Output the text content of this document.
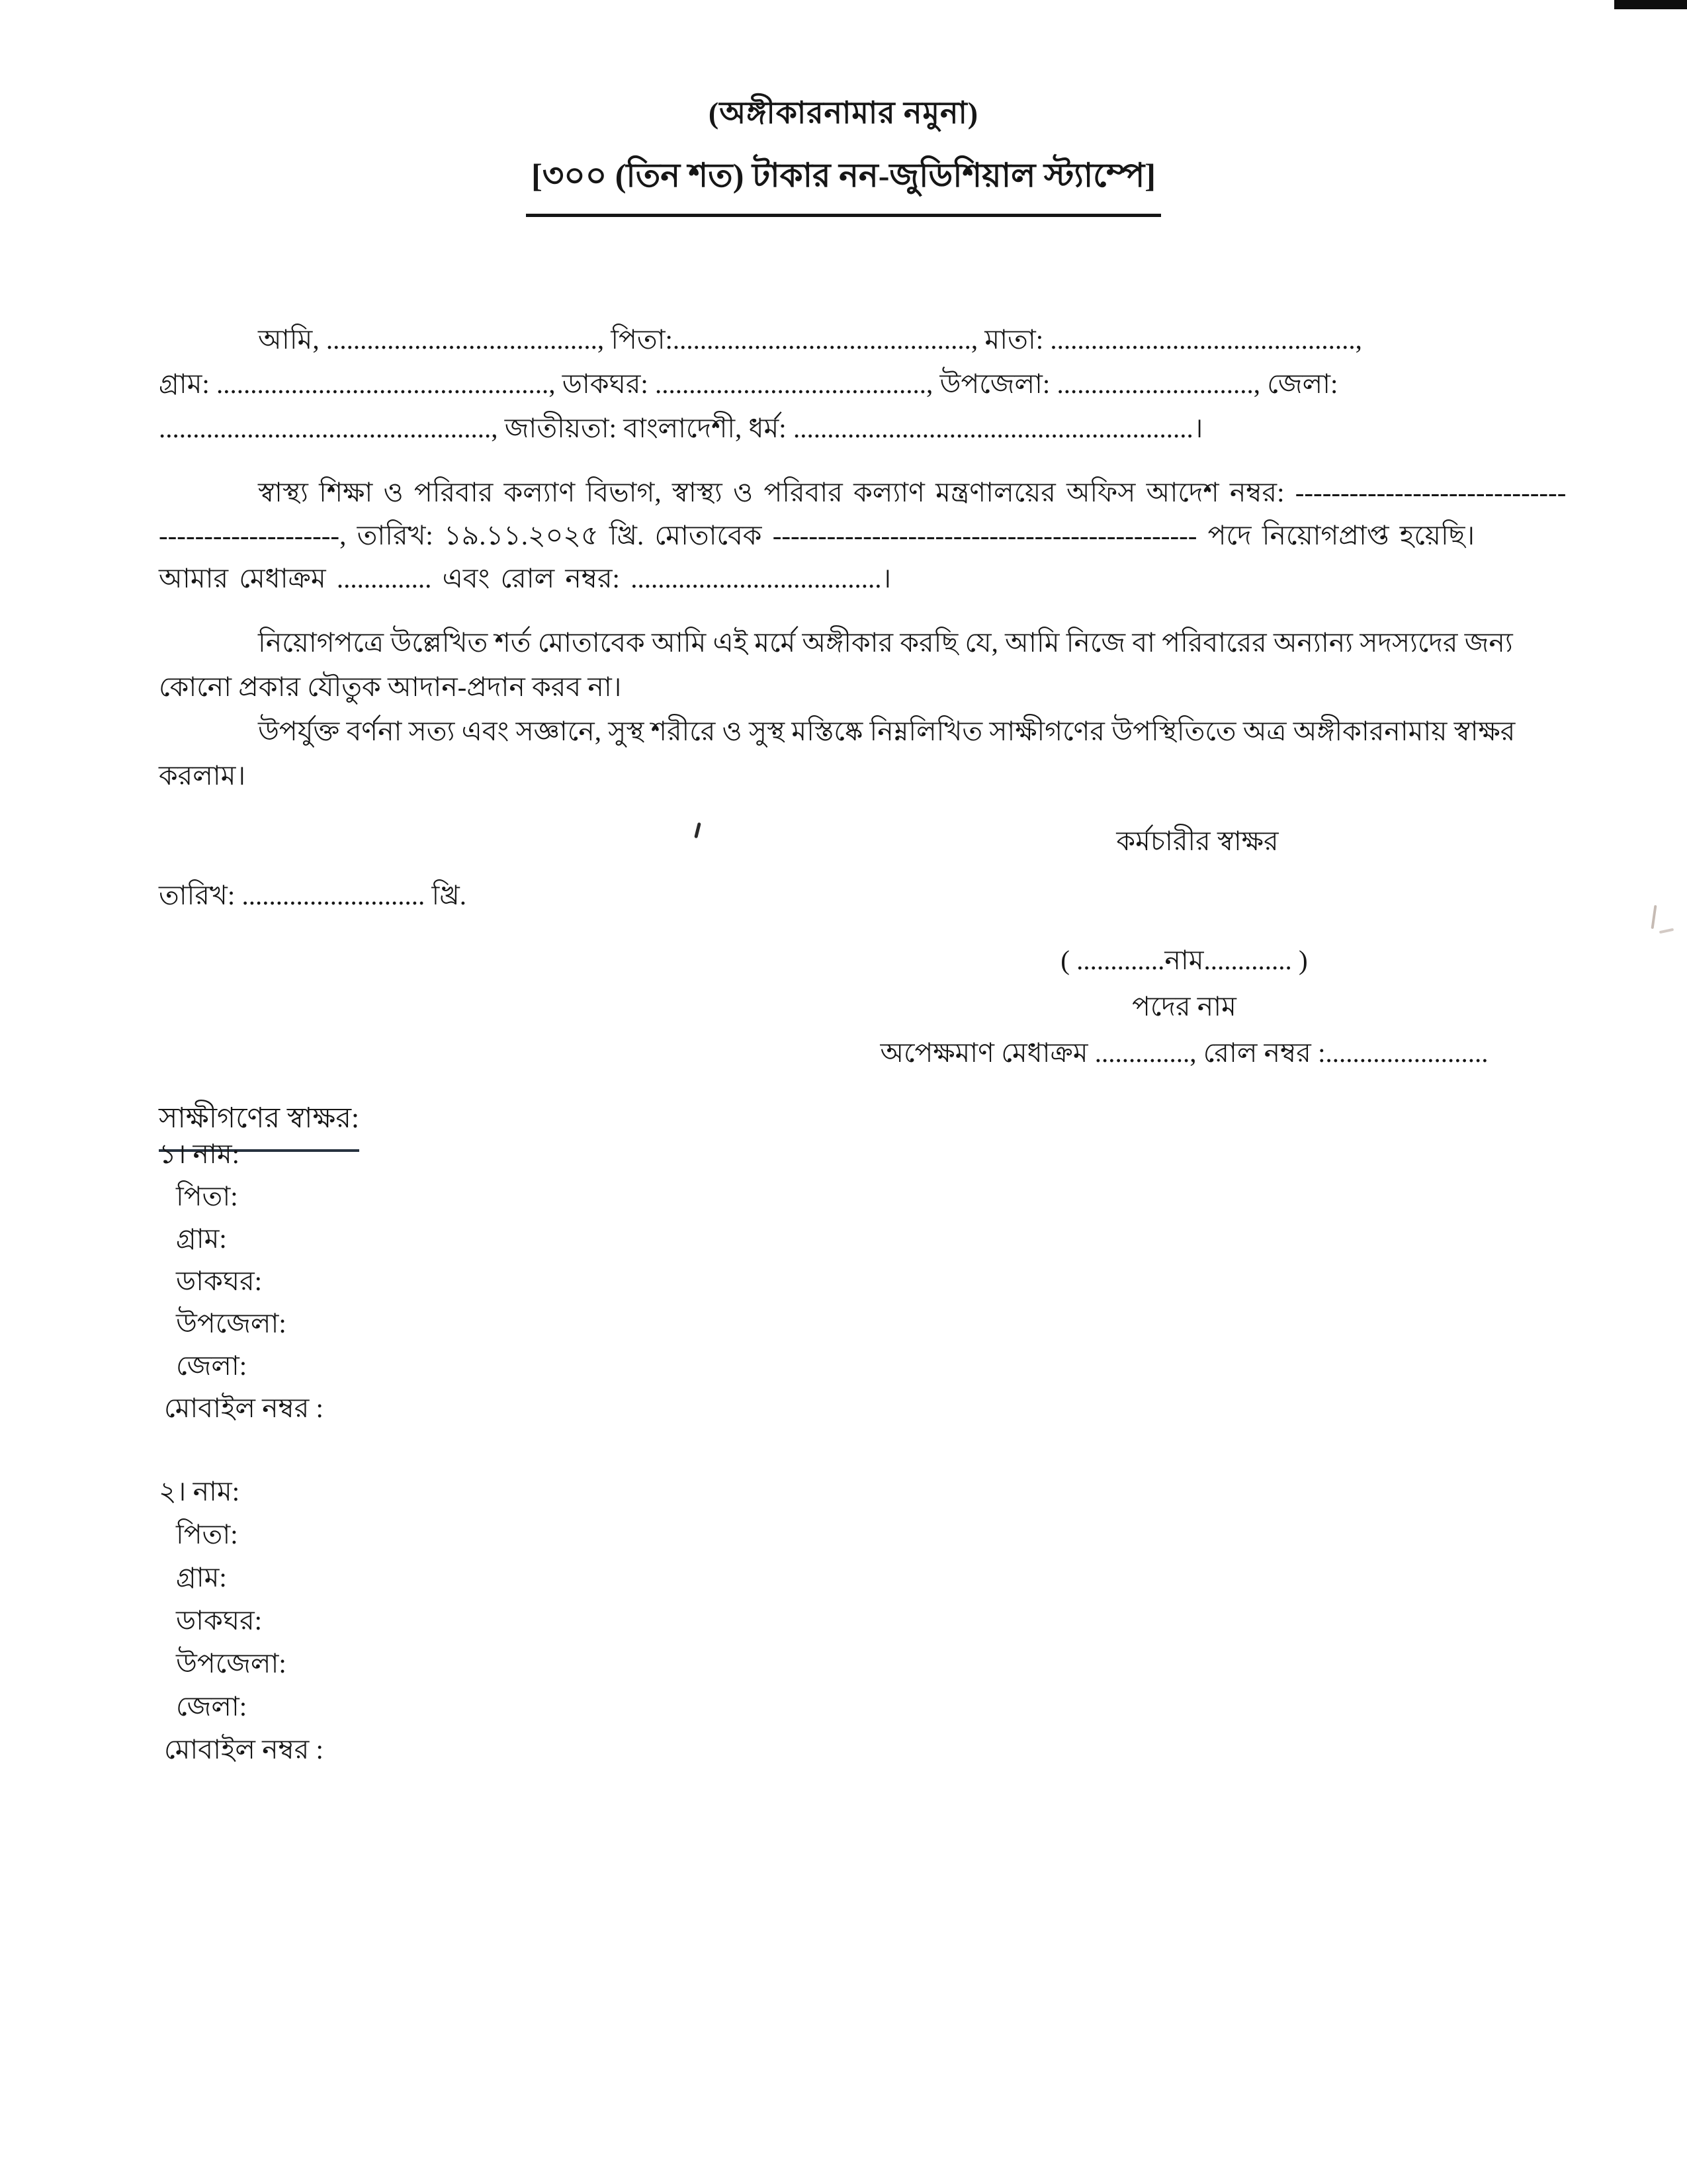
(অঙ্গীকারনামার নমুনা)
[৩০০ (তিন শত) টাকার নন-জুডিশিয়াল স্ট্যাম্পে]
আমি, ........................................, পিতা:............................................, মাতা: .............................................,
গ্রাম: ................................................., ডাকঘর: ........................................, উপজেলা: ............................., জেলা:
................................................., জাতীয়তা: বাংলাদেশী, ধর্ম: ...........................................................।
স্বাস্থ্য শিক্ষা ও পরিবার কল্যাণ বিভাগ, স্বাস্থ্য ও পরিবার কল্যাণ মন্ত্রণালয়ের অফিস আদেশ নম্বর: ------------------------------
--------------------, তারিখ: ১৯.১১.২০২৫ খ্রি. মোতাবেক ----------------------------------------------- পদে নিয়োগপ্রাপ্ত হয়েছি।
আমার মেধাক্রম .............. এবং রোল নম্বর: .....................................।
নিয়োগপত্রে উল্লেখিত শর্ত মোতাবেক আমি এই মর্মে অঙ্গীকার করছি যে, আমি নিজে বা পরিবারের অন্যান্য সদস্যদের জন্য
কোনো প্রকার যৌতুক আদান-প্রদান করব না।
উপর্যুক্ত বর্ণনা সত্য এবং সজ্ঞানে, সুস্থ শরীরে ও সুস্থ মস্তিষ্কে নিম্নলিখিত সাক্ষীগণের উপস্থিতিতে অত্র অঙ্গীকারনামায় স্বাক্ষর
করলাম।
কর্মচারীর স্বাক্ষর
তারিখ: ........................... খ্রি.
( .............নাম............. )
পদের নাম
অপেক্ষমাণ মেধাক্রম .............., রোল নম্বর :........................
সাক্ষীগণের স্বাক্ষর:
১। নাম:
পিতা:
গ্রাম:
ডাকঘর:
উপজেলা:
জেলা:
মোবাইল নম্বর :
২। নাম:
পিতা:
গ্রাম:
ডাকঘর:
উপজেলা:
জেলা:
মোবাইল নম্বর :
